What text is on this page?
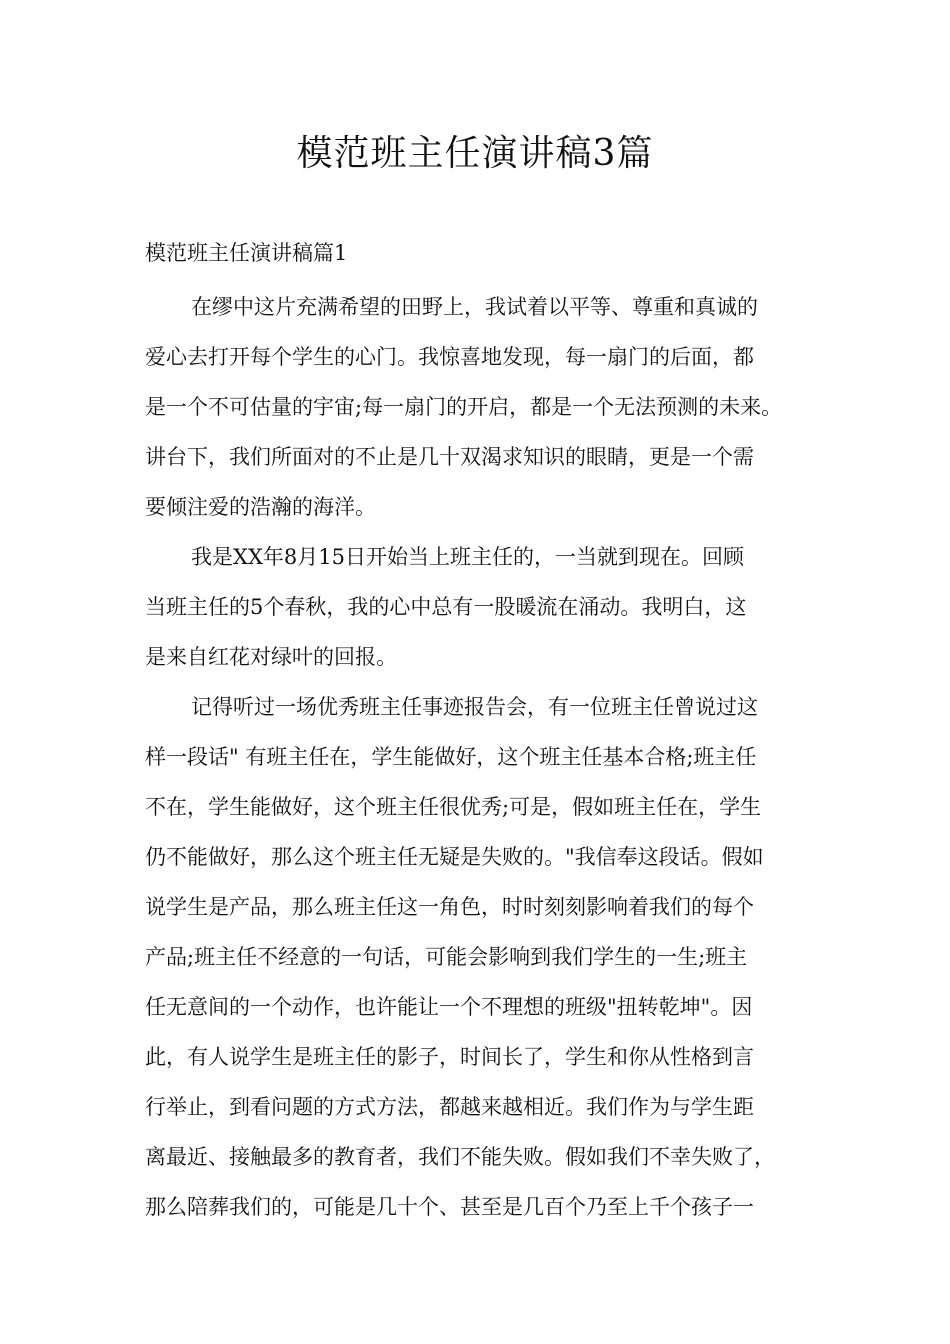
模范班主任演讲稿3篇
模范班主任演讲稿篇1

在缪中这片充满希望的田野上，我试着以平等、尊重和真诚的
爱心去打开每个学生的心门。我惊喜地发现，每一扇门的后面，都
是一个不可估量的宇宙;每一扇门的开启，都是一个无法预测的未来。
讲台下，我们所面对的不止是几十双渴求知识的眼睛，更是一个需
要倾注爱的浩瀚的海洋。

我是XX年8月15日开始当上班主任的，一当就到现在。回顾
当班主任的5个春秋，我的心中总有一股暖流在涌动。我明白，这
是来自红花对绿叶的回报。

记得听过一场优秀班主任事迹报告会，有一位班主任曾说过这
样一段话" 有班主任在，学生能做好，这个班主任基本合格;班主任
不在，学生能做好，这个班主任很优秀;可是，假如班主任在，学生
仍不能做好，那么这个班主任无疑是失败的。"我信奉这段话。假如
说学生是产品，那么班主任这一角色，时时刻刻影响着我们的每个
产品;班主任不经意的一句话，可能会影响到我们学生的一生;班主
任无意间的一个动作，也许能让一个不理想的班级"扭转乾坤"。因
此，有人说学生是班主任的影子，时间长了，学生和你从性格到言
行举止，到看问题的方式方法，都越来越相近。我们作为与学生距
离最近、接触最多的教育者，我们不能失败。假如我们不幸失败了，
那么陪葬我们的，可能是几十个、甚至是几百个乃至上千个孩子一
